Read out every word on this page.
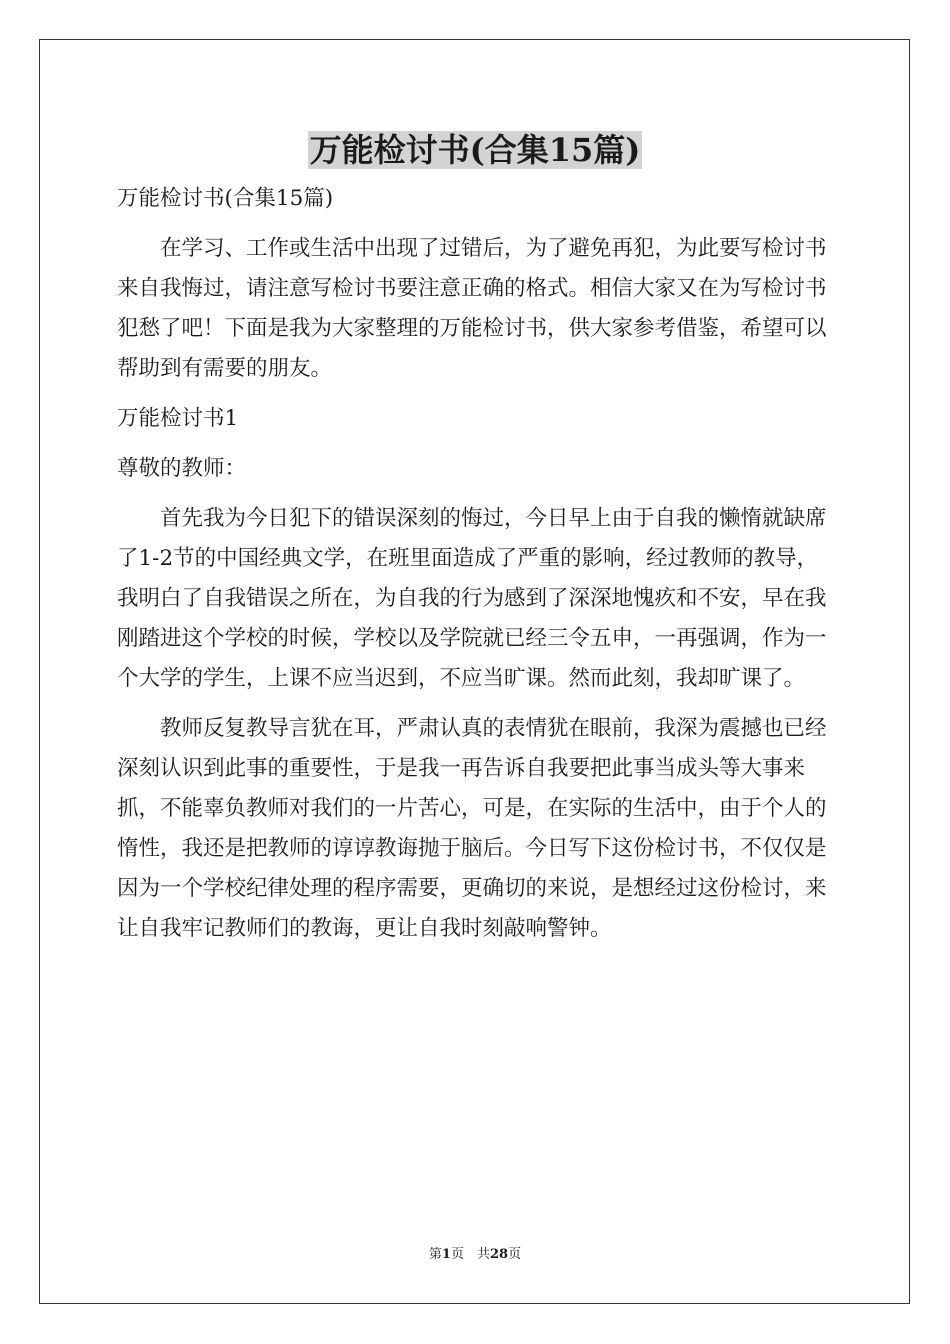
万能检讨书(合集15篇)

万能检讨书(合集15篇)

在学习、工作或生活中出现了过错后，为了避免再犯，为此要写检讨书来自我悔过，请注意写检讨书要注意正确的格式。相信大家又在为写检讨书犯愁了吧！下面是我为大家整理的万能检讨书，供大家参考借鉴，希望可以帮助到有需要的朋友。

万能检讨书1

尊敬的教师：

首先我为今日犯下的错误深刻的悔过，今日早上由于自我的懒惰就缺席了1-2节的中国经典文学，在班里面造成了严重的影响，经过教师的教导，我明白了自我错误之所在，为自我的行为感到了深深地愧疚和不安，早在我刚踏进这个学校的时候，学校以及学院就已经三令五申，一再强调，作为一个大学的学生，上课不应当迟到，不应当旷课。然而此刻，我却旷课了。

教师反复教导言犹在耳，严肃认真的表情犹在眼前，我深为震撼也已经深刻认识到此事的重要性，于是我一再告诉自我要把此事当成头等大事来抓，不能辜负教师对我们的一片苦心，可是，在实际的生活中，由于个人的惰性，我还是把教师的谆谆教诲抛于脑后。今日写下这份检讨书，不仅仅是因为一个学校纪律处理的程序需要，更确切的来说，是想经过这份检讨，来让自我牢记教师们的教诲，更让自我时刻敲响警钟。

第1页　共28页
